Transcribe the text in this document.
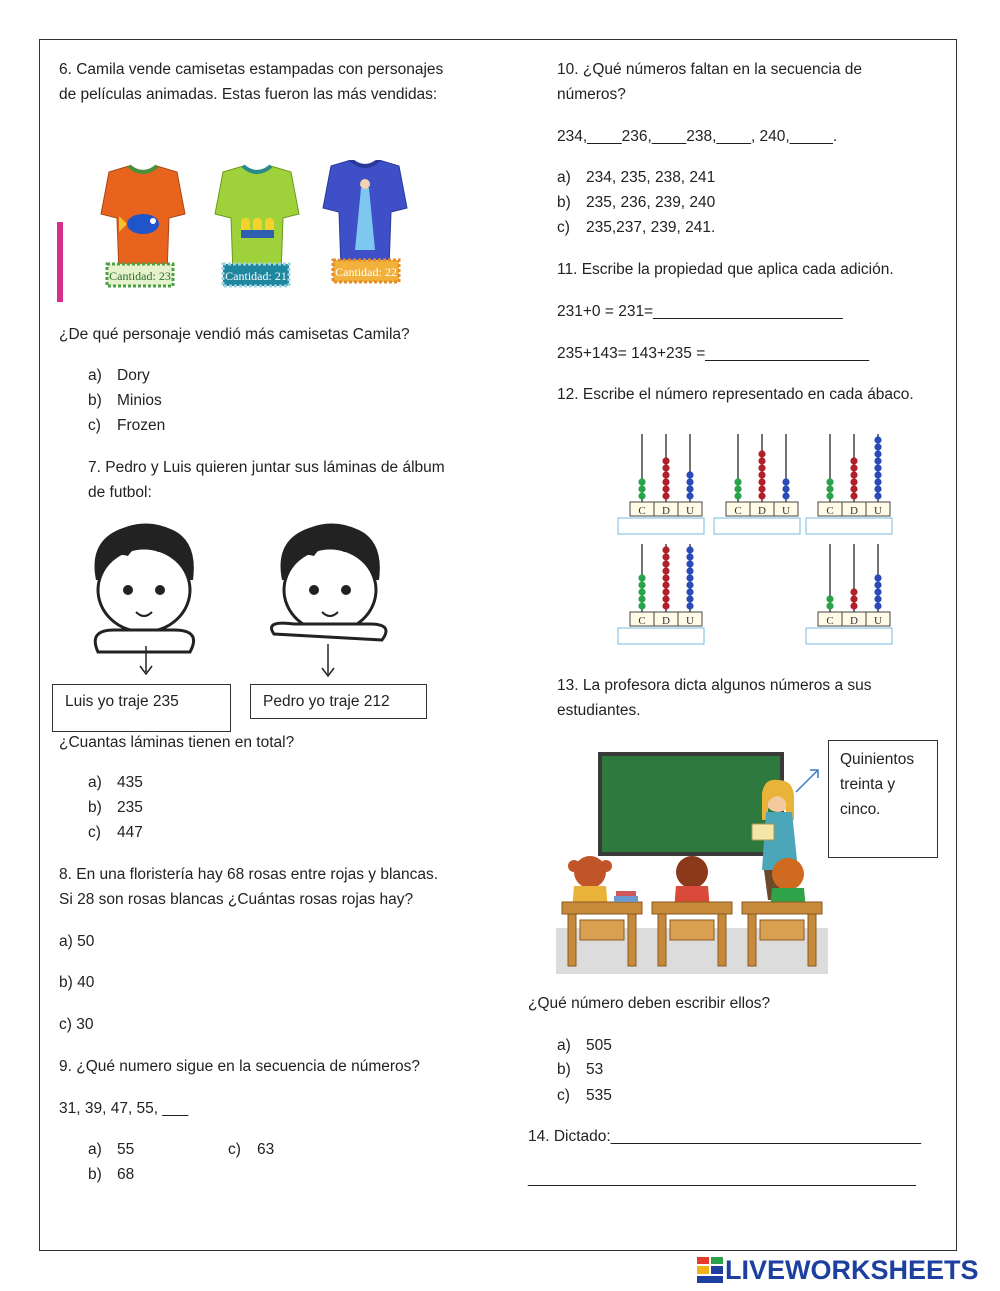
6. Camila vende camisetas estampadas con personajes
de películas animadas. Estas fueron las más vendidas:
Cantidad: 23	Cantidad: 21	Cantidad: 22
¿De qué personaje vendió más camisetas Camila?
a) Dory
b) Minios
c) Frozen
7. Pedro y Luis quieren juntar sus láminas de álbum
de futbol:
Luis yo traje 235	Pedro yo traje 212
¿Cuantas láminas tienen en total?
a) 435
b) 235
c) 447
8. En una floristería hay 68 rosas entre rojas y blancas.
Si 28 son rosas blancas ¿Cuántas rosas rojas hay?
a) 50
b) 40
c) 30
9. ¿Qué numero sigue en la secuencia de números?
31, 39, 47, 55, ___
a) 55	c) 63
b) 68
10. ¿Qué números faltan en la secuencia de
números?
234,____236,____238,____, 240,_____.
a) 234, 235, 238, 241
b) 235, 236, 239, 240
c) 235,237, 239, 241.
11. Escribe la propiedad que aplica cada adición.
231+0 = 231=______________________
235+143= 143+235 =___________________
12. Escribe el número representado en cada ábaco.
C D U	C D U	C D U
C D U	C D U
13. La profesora dicta algunos números a sus
estudiantes.
Quinientos
treinta y
cinco.
¿Qué número deben escribir ellos?
a) 505
b) 53
c) 535
14. Dictado:____________________________________
_____________________________________________
LIVEWORKSHEETS
